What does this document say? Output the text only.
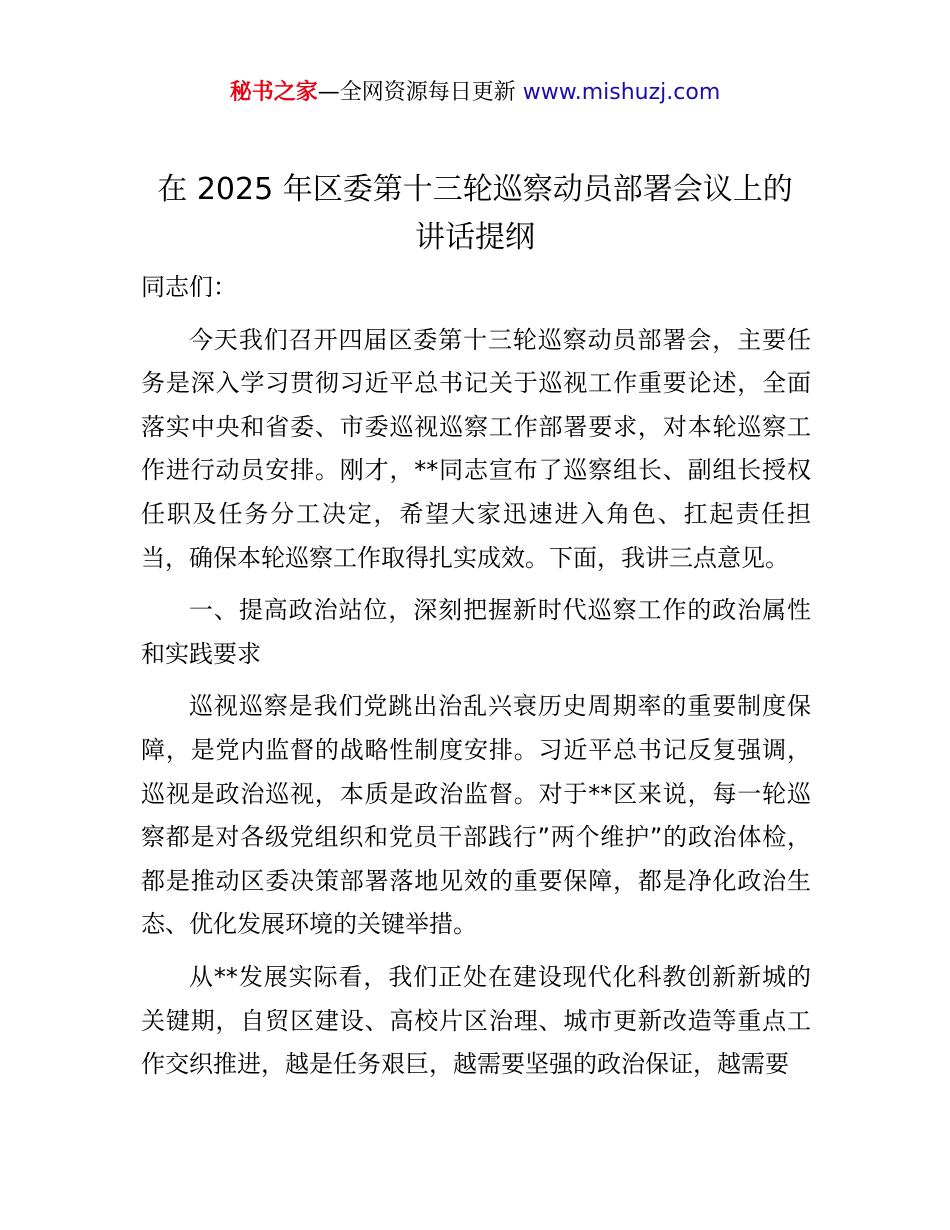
秘书之家—全网资源每日更新 www.mishuzj.com
在 2025 年区委第十三轮巡察动员部署会议上的
讲话提纲

同志们：

今天我们召开四届区委第十三轮巡察动员部署会，主要任务是深入学习贯彻习近平总书记关于巡视工作重要论述，全面落实中央和省委、市委巡视巡察工作部署要求，对本轮巡察工作进行动员安排。刚才，**同志宣布了巡察组长、副组长授权任职及任务分工决定，希望大家迅速进入角色、扛起责任担当，确保本轮巡察工作取得扎实成效。下面，我讲三点意见。

一、提高政治站位，深刻把握新时代巡察工作的政治属性和实践要求

巡视巡察是我们党跳出治乱兴衰历史周期率的重要制度保障，是党内监督的战略性制度安排。习近平总书记反复强调，巡视是政治巡视，本质是政治监督。对于**区来说，每一轮巡察都是对各级党组织和党员干部践行”两个维护”的政治体检，都是推动区委决策部署落地见效的重要保障，都是净化政治生态、优化发展环境的关键举措。

从**发展实际看，我们正处在建设现代化科教创新新城的关键期，自贸区建设、高校片区治理、城市更新改造等重点工作交织推进，越是任务艰巨，越需要坚强的政治保证，越需要
